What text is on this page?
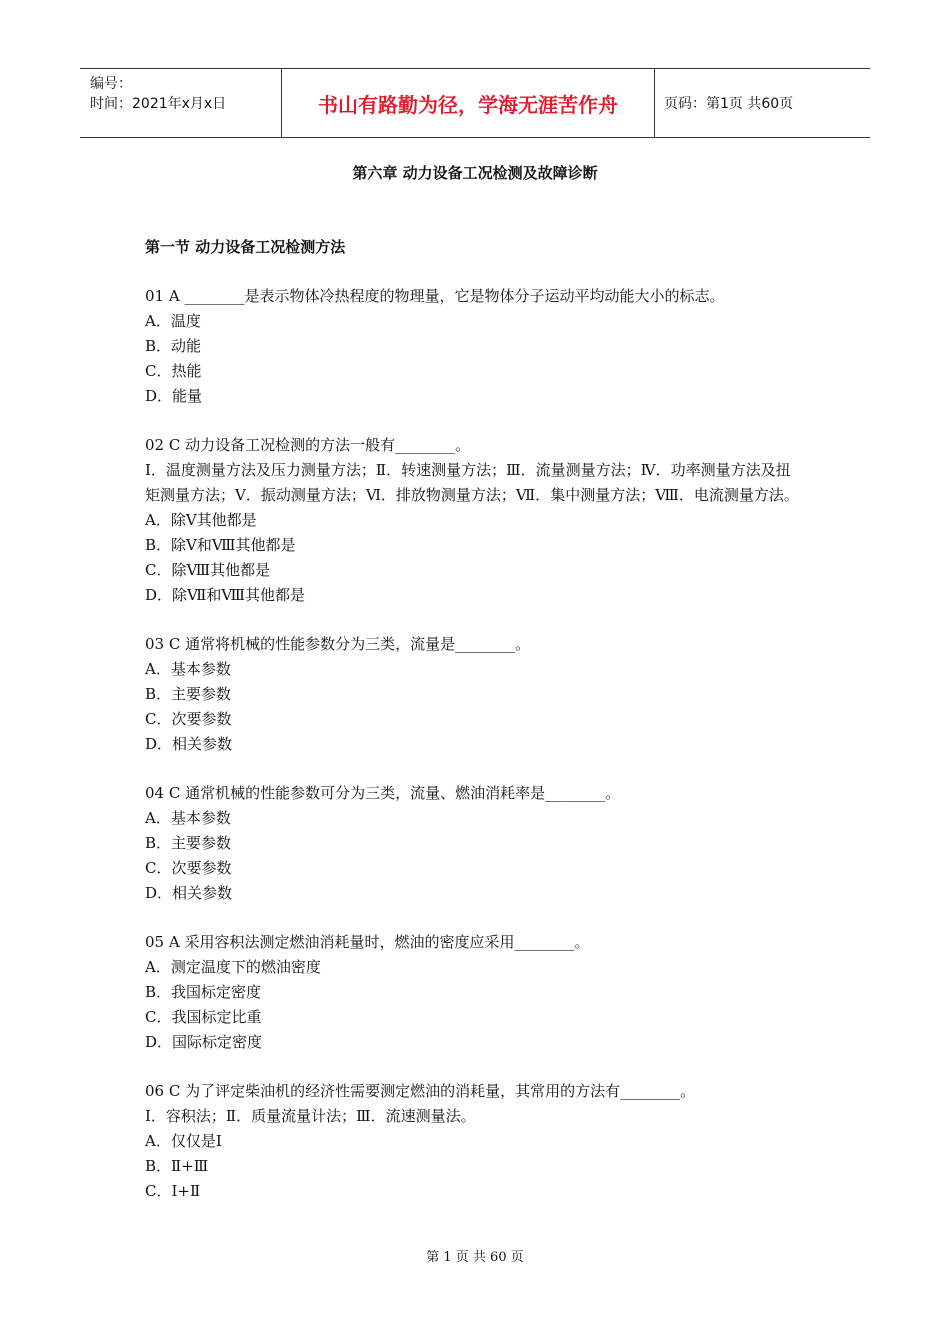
编号：
时间：2021年x月x日	书山有路勤为径，学海无涯苦作舟	页码：第1页 共60页
第六章 动力设备工况检测及故障诊断
第一节 动力设备工况检测方法
01 A ________是表示物体冷热程度的物理量，它是物体分子运动平均动能大小的标志。
A．温度
B．动能
C．热能
D．能量
02 C 动力设备工况检测的方法一般有________。
Ⅰ．温度测量方法及压力测量方法；Ⅱ．转速测量方法；Ⅲ．流量测量方法；Ⅳ．功率测量方法及扭矩测量方法；Ⅴ．振动测量方法；Ⅵ．排放物测量方法；Ⅶ．集中测量方法；Ⅷ．电流测量方法。
A．除Ⅴ其他都是
B．除Ⅴ和Ⅷ其他都是
C．除Ⅷ其他都是
D．除Ⅶ和Ⅷ其他都是
03 C 通常将机械的性能参数分为三类，流量是________。
A．基本参数
B．主要参数
C．次要参数
D．相关参数
04 C 通常机械的性能参数可分为三类，流量、燃油消耗率是________。
A．基本参数
B．主要参数
C．次要参数
D．相关参数
05 A 采用容积法测定燃油消耗量时，燃油的密度应采用________。
A．测定温度下的燃油密度
B．我国标定密度
C．我国标定比重
D．国际标定密度
06 C 为了评定柴油机的经济性需要测定燃油的消耗量，其常用的方法有________。
Ⅰ．容积法；Ⅱ．质量流量计法；Ⅲ．流速测量法。
A．仅仅是Ⅰ
B．Ⅱ+Ⅲ
C．Ⅰ+Ⅱ
第 1 页 共 60 页
